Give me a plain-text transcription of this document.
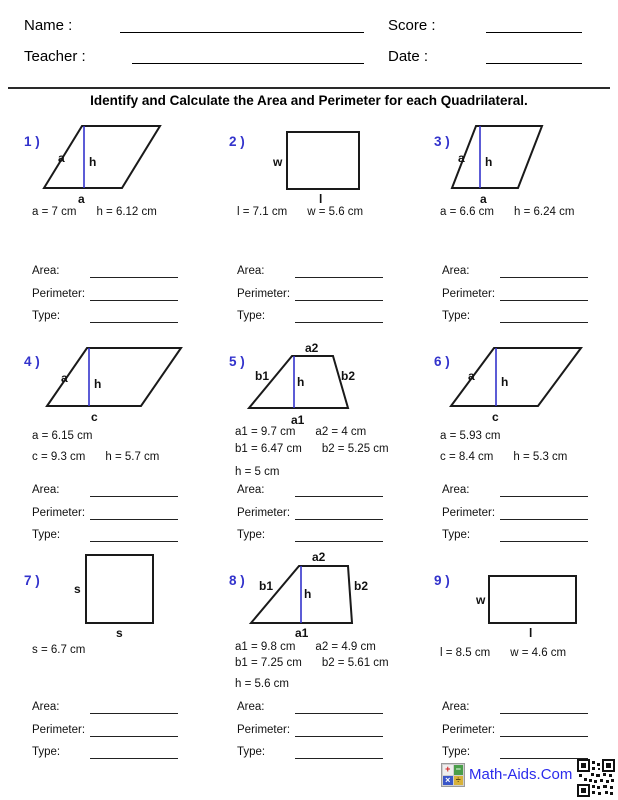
Name :	Score :
Teacher :	Date :
Identify and Calculate the Area and Perimeter for each Quadrilateral.
1 )
a h
a
a = 7 cm h = 6.12 cm
Area:
Perimeter:
Type:
2 )
w
l
l = 7.1 cm w = 5.6 cm
Area:
Perimeter:
Type:
3 )
a h
a
a = 6.6 cm h = 6.24 cm
Area:
Perimeter:
Type:
4 )
a h
c
a = 6.15 cm
c = 9.3 cm h = 5.7 cm
Area:
Perimeter:
Type:
5 )
a2
b1 h	b2
a1
a1 = 9.7 cm a2 = 4 cm
b1 = 6.47 cm b2 = 5.25 cm
h = 5 cm
Area:
Perimeter:
Type:
6 )
a h
c
a = 5.93 cm
c = 8.4 cm h = 5.3 cm
Area:
Perimeter:
Type:
7 )
s
s
s = 6.7 cm
Area:
Perimeter:
Type:
8 )
a2
b1
h
b2
a1
a1 = 9.8 cm a2 = 4.9 cm
b1 = 7.25 cm b2 = 5.61 cm
h = 5.6 cm
Area:
Perimeter:
Type:
9 )
w
l
l = 8.5 cm w = 4.6 cm
Area:
Perimeter:
Type:
+ −
× ÷ Math-Aids.Com
